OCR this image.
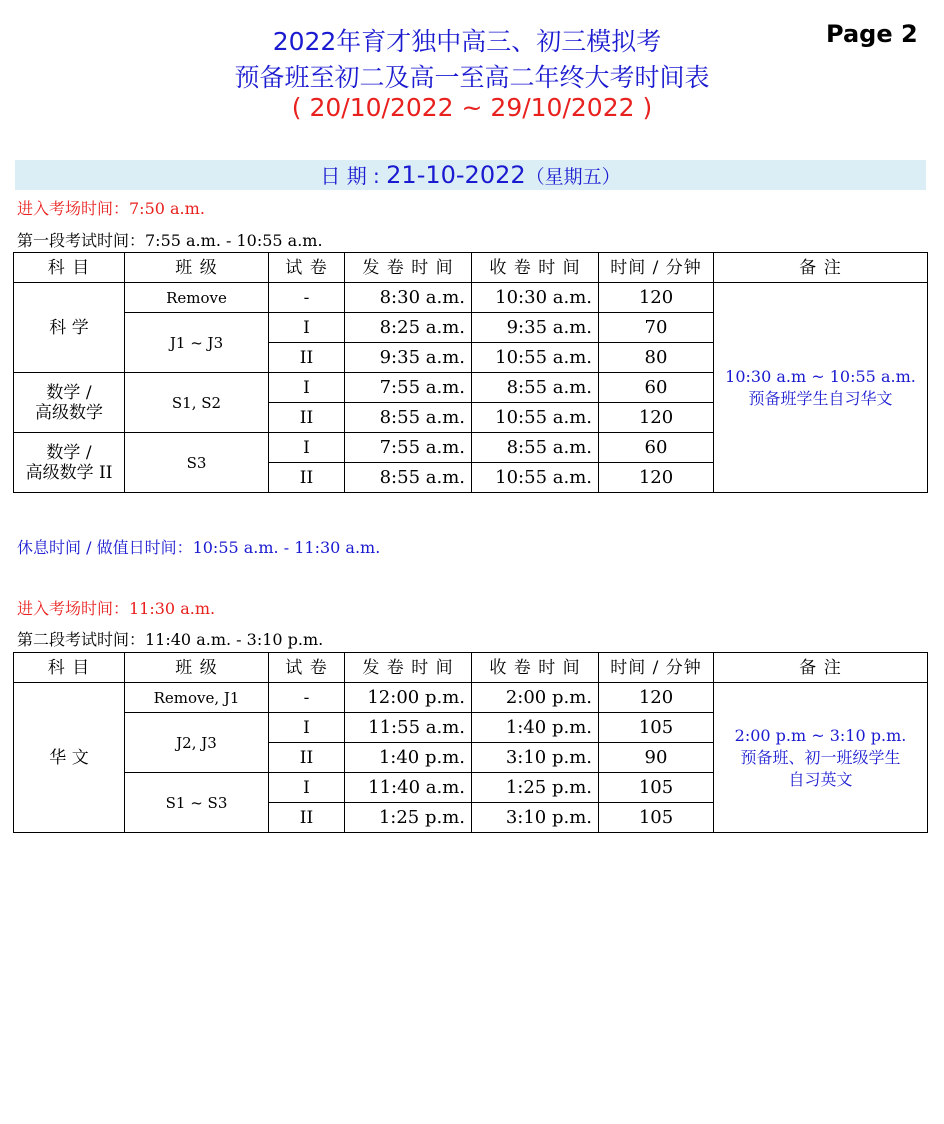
Page 2
2022年育才独中高三、初三模拟考
预备班至初二及高一至高二年终大考时间表
( 20/10/2022 ~ 29/10/2022 )
日 期 : 21-10-2022（星期五）
进入考场时间：7:50 a.m.
第一段考试时间：7:55 a.m. - 10:55 a.m.
科 目	班 级	试 卷	发 卷 时 间	收 卷 时 间	时间 / 分钟	备 注
科 学	Remove	-	8:30 a.m.	10:30 a.m.	120	10:30 a.m ~ 10:55 a.m.
预备班学生自习华文

	J1 ~ J3	I	8:25 a.m.	9:35 a.m.	70	
		II	9:35 a.m.	10:55 a.m.	80	

数学 /
高级数学	S1, S2	I	7:55 a.m.	8:55 a.m.	60	
		II	8:55 a.m.	10:55 a.m.	120	

数学 /
高级数学 II	S3	I	7:55 a.m.	8:55 a.m.	60	
		II	8:55 a.m.	10:55 a.m.	120	
休息时间 / 做值日时间：10:55 a.m. - 11:30 a.m.
进入考场时间：11:30 a.m.
第二段考试时间：11:40 a.m. - 3:10 p.m.
科 目	班 级	试 卷	发 卷 时 间	收 卷 时 间	时间 / 分钟	备 注
华 文	Remove, J1	-	12:00 p.m.	2:00 p.m.	120	2:00 p.m ~ 3:10 p.m.
预备班、初一班级学生
自习英文

	J2, J3	I	11:55 a.m.	1:40 p.m.	105	
		II	1:40 p.m.	3:10 p.m.	90	
	S1 ~ S3	I	11:40 a.m.	1:25 p.m.	105	
		II	1:25 p.m.	3:10 p.m.	105	
